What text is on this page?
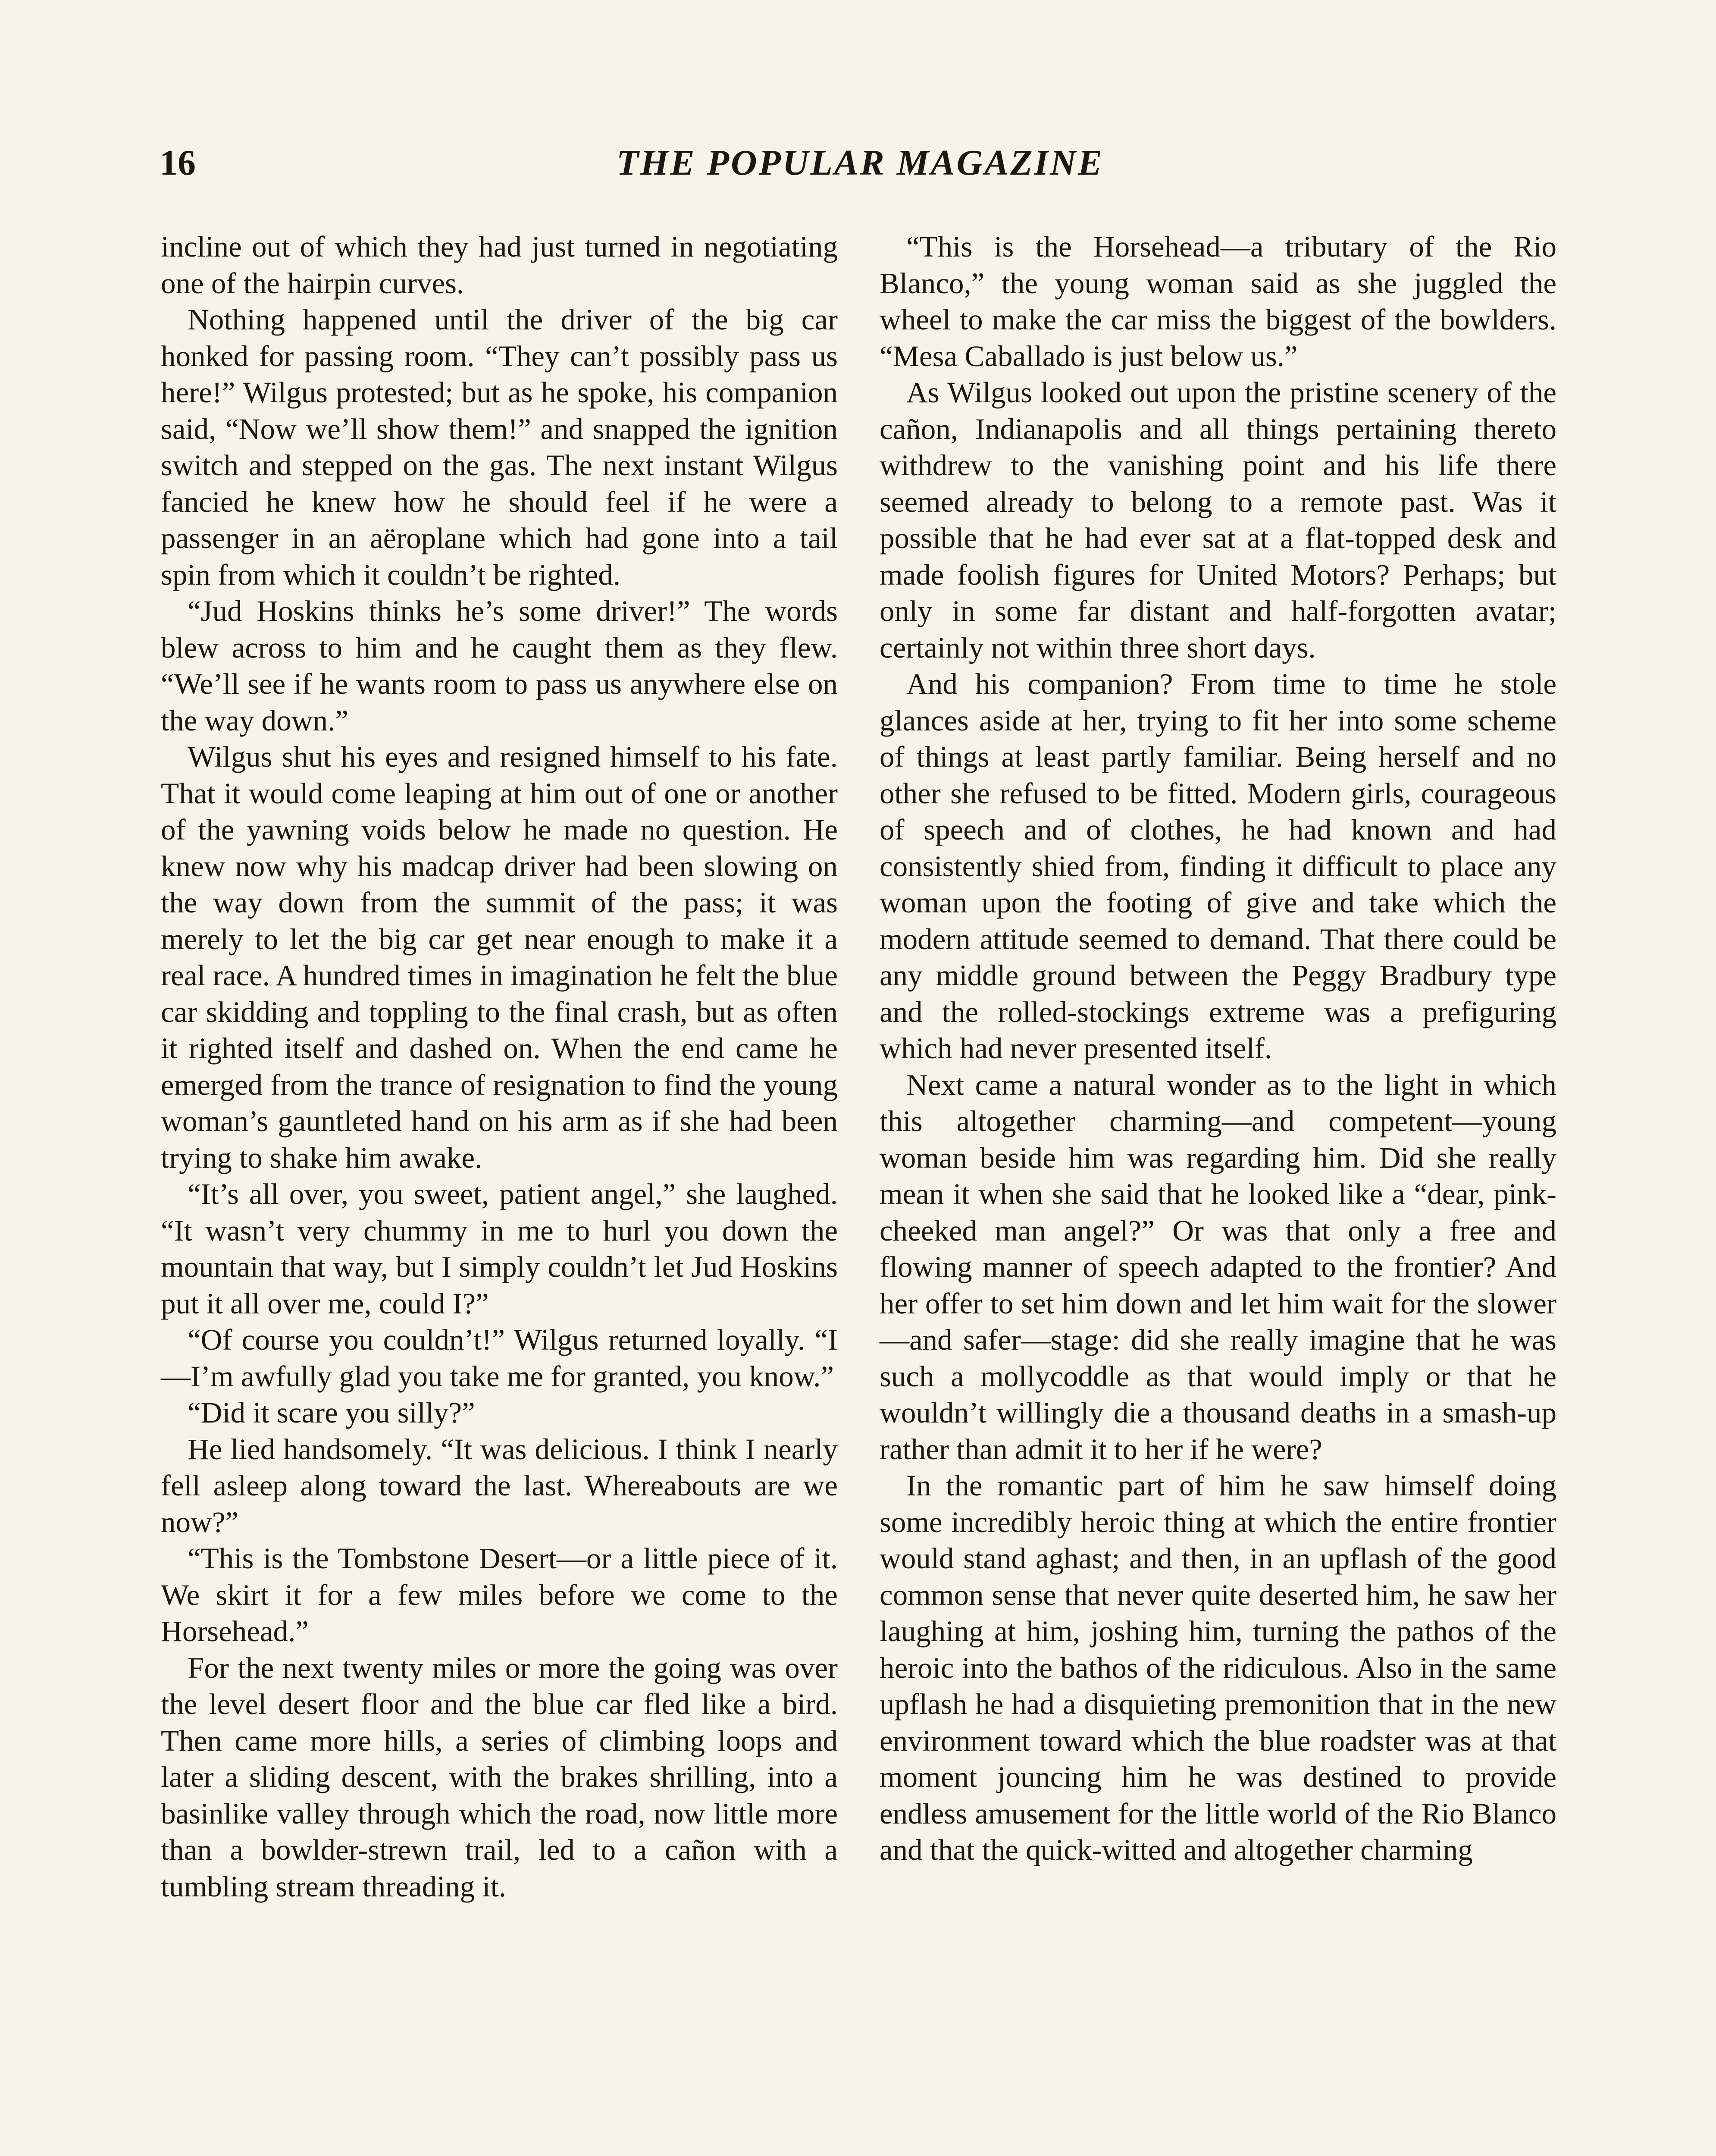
16	THE POPULAR MAGAZINE

incline out of which they had just turned in negotiating one of the hairpin curves.

Nothing happened until the driver of the big car honked for passing room. “They can’t possibly pass us here!” Wilgus protested; but as he spoke, his companion said, “Now we’ll show them!” and snapped the ignition switch and stepped on the gas. The next instant Wilgus fancied he knew how he should feel if he were a passenger in an aëroplane which had gone into a tail spin from which it couldn’t be righted.

“Jud Hoskins thinks he’s some driver!” The words blew across to him and he caught them as they flew. “We’ll see if he wants room to pass us anywhere else on the way down.”

Wilgus shut his eyes and resigned himself to his fate. That it would come leaping at him out of one or another of the yawning voids below he made no question. He knew now why his madcap driver had been slowing on the way down from the summit of the pass; it was merely to let the big car get near enough to make it a real race. A hundred times in imagination he felt the blue car skidding and toppling to the final crash, but as often it righted itself and dashed on. When the end came he emerged from the trance of resignation to find the young woman’s gauntleted hand on his arm as if she had been trying to shake him awake.

“It’s all over, you sweet, patient angel,” she laughed. “It wasn’t very chummy in me to hurl you down the mountain that way, but I simply couldn’t let Jud Hoskins put it all over me, could I?”

“Of course you couldn’t!” Wilgus returned loyally. “I—I’m awfully glad you take me for granted, you know.”

“Did it scare you silly?”

He lied handsomely. “It was delicious. I think I nearly fell asleep along toward the last. Whereabouts are we now?”

“This is the Tombstone Desert—or a little piece of it. We skirt it for a few miles before we come to the Horsehead.”

For the next twenty miles or more the going was over the level desert floor and the blue car fled like a bird. Then came more hills, a series of climbing loops and later a sliding descent, with the brakes shrilling, into a basinlike valley through which the road, now little more than a bowlder-strewn trail, led to a cañon with a tumbling stream threading it.

“This is the Horsehead—a tributary of the Rio Blanco,” the young woman said as she juggled the wheel to make the car miss the biggest of the bowlders. “Mesa Caballado is just below us.”

As Wilgus looked out upon the pristine scenery of the cañon, Indianapolis and all things pertaining thereto withdrew to the vanishing point and his life there seemed already to belong to a remote past. Was it possible that he had ever sat at a flat-topped desk and made foolish figures for United Motors? Perhaps; but only in some far distant and half-forgotten avatar; certainly not within three short days.

And his companion? From time to time he stole glances aside at her, trying to fit her into some scheme of things at least partly familiar. Being herself and no other she refused to be fitted. Modern girls, courageous of speech and of clothes, he had known and had consistently shied from, finding it difficult to place any woman upon the footing of give and take which the modern attitude seemed to demand. That there could be any middle ground between the Peggy Bradbury type and the rolled-stockings extreme was a prefiguring which had never presented itself.

Next came a natural wonder as to the light in which this altogether charming—and competent—young woman beside him was regarding him. Did she really mean it when she said that he looked like a “dear, pink-cheeked man angel?” Or was that only a free and flowing manner of speech adapted to the frontier? And her offer to set him down and let him wait for the slower—and safer—stage: did she really imagine that he was such a mollycoddle as that would imply or that he wouldn’t willingly die a thousand deaths in a smash-up rather than admit it to her if he were?

In the romantic part of him he saw himself doing some incredibly heroic thing at which the entire frontier would stand aghast; and then, in an upflash of the good common sense that never quite deserted him, he saw her laughing at him, joshing him, turning the pathos of the heroic into the bathos of the ridiculous. Also in the same upflash he had a disquieting premonition that in the new environment toward which the blue roadster was at that moment jouncing him he was destined to provide endless amusement for the little world of the Rio Blanco and that the quick-witted and altogether charming
